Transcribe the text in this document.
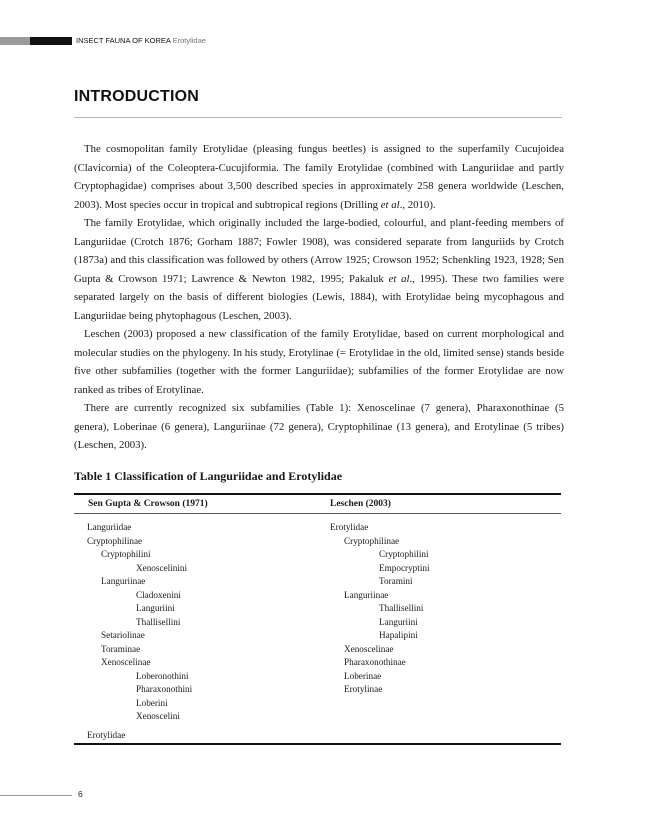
INSECT FAUNA OF KOREA Erotylidae
INTRODUCTION

The cosmopolitan family Erotylidae (pleasing fungus beetles) is assigned to the superfamily Cucujoidea (Clavicornia) of the Coleoptera-Cucujiformia. The family Erotylidae (combined with Languriidae and partly Cryptophagidae) comprises about 3,500 described species in approximately 258 genera worldwide (Leschen, 2003). Most species occur in tropical and subtropical regions (Drilling et al., 2010).

The family Erotylidae, which originally included the large-bodied, colourful, and plant-feeding members of Languriidae (Crotch 1876; Gorham 1887; Fowler 1908), was considered separate from languriids by Crotch (1873a) and this classification was followed by others (Arrow 1925; Crowson 1952; Schenkling 1923, 1928; Sen Gupta & Crowson 1971; Lawrence & Newton 1982, 1995; Pakaluk et al., 1995). These two families were separated largely on the basis of different biologies (Lewis, 1884), with Erotylidae being mycophagous and Languriidae being phytophagous (Leschen, 2003).

Leschen (2003) proposed a new classification of the family Erotylidae, based on current morphological and molecular studies on the phylogeny. In his study, Erotylinae (= Erotylidae in the old, limited sense) stands beside five other subfamilies (together with the former Languriidae); subfamilies of the former Erotylidae are now ranked as tribes of Erotylinae.

There are currently recognized six subfamilies (Table 1): Xenoscelinae (7 genera), Pharaxonothinae (5 genera), Loberinae (6 genera), Languriinae (72 genera), Cryptophilinae (13 genera), and Erotylinae (5 tribes) (Leschen, 2003).

Table 1 Classification of Languriidae and Erotylidae
Sen Gupta & Crowson (1971)	Leschen (2003)
Languriidae
Cryptophilinae
Cryptophilini
Xenoscelinini
Languriinae
Cladoxenini
Languriini
Thallisellini
Setariolinae
Toraminae
Xenoscelinae
Loberonothini
Pharaxonothini
Loberini
Xenoscelini
Erotylidae
Cryptophilinae
Cryptophilini
Empocryptini
Toramini
Languriinae
Thallisellini
Languriini
Hapalipini
Xenoscelinae
Pharaxonothinae
Loberinae
Erotylinae
Erotylidae
6
